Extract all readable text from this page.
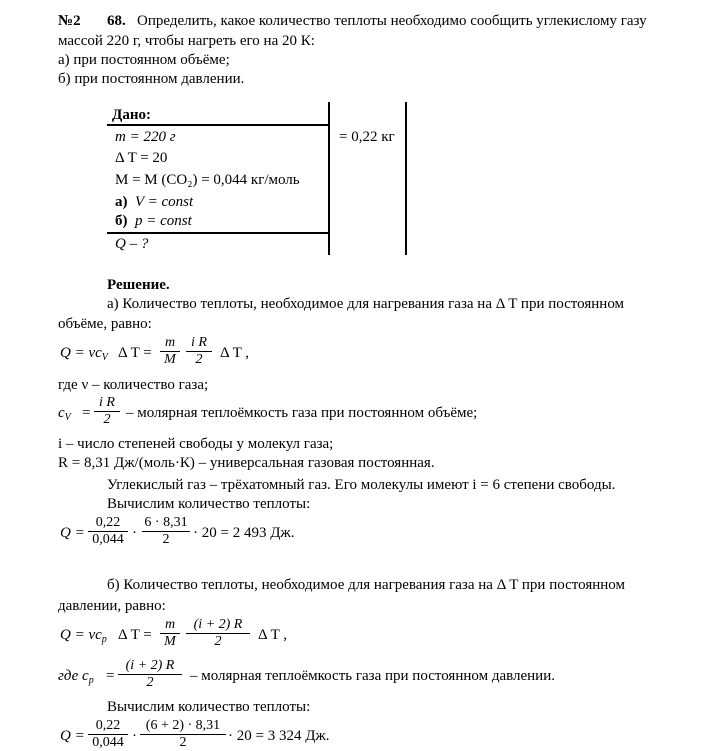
№2 68. Определить, какое количество теплоты необходимо сообщить углекислому газу
массой 220 г, чтобы нагреть его на 20 К:
а) при постоянном объёме;
б) при постоянном давлении.
Дано:
m = 220 г	= 0,22 кг
Δ T = 20
M = M (CO₂) = 0,044 кг/моль
а) V = const
б) p = const
Q – ?
Решение.
а) Количество теплоты, необходимое для нагревания газа на Δ T при постоянном
объёме, равно:
$Q = \nu c_V$ Δ $T = \frac{m}{M} \frac{\text{i R}}{2}$ Δ T ,
где ν – количество газа;
$c_V = \frac{\text{i R}}{2}$ – молярная теплоёмкость газа при постоянном объёме;
i – число степеней свободы у молекул газа;
R = 8,31 Дж/(моль·К) – универсальная газовая постоянная.
Углекислый газ – трёхатомный газ. Его молекулы имеют i = 6 степени свободы.
Вычислим количество теплоты:
$Q = \frac{0,22}{0,044} \cdot \frac{6 \cdot 8,31}{2} \cdot 20 = 2$ 493 Дж.
б) Количество теплоты, необходимое для нагревания газа на Δ T при постоянном
давлении, равно:
$Q = \nu c_p$ Δ $T = \frac{m}{M} \frac{(i + 2) R}{2}$ Δ T ,
где $c_p = \frac{(i + 2) R}{2}$ – молярная теплоёмкость газа при постоянном давлении.
Вычислим количество теплоты:
$Q = \frac{0,22}{0,044} \cdot \frac{(6 + 2) \cdot 8,31}{2} \cdot 20 = 3$ 324 Дж.
